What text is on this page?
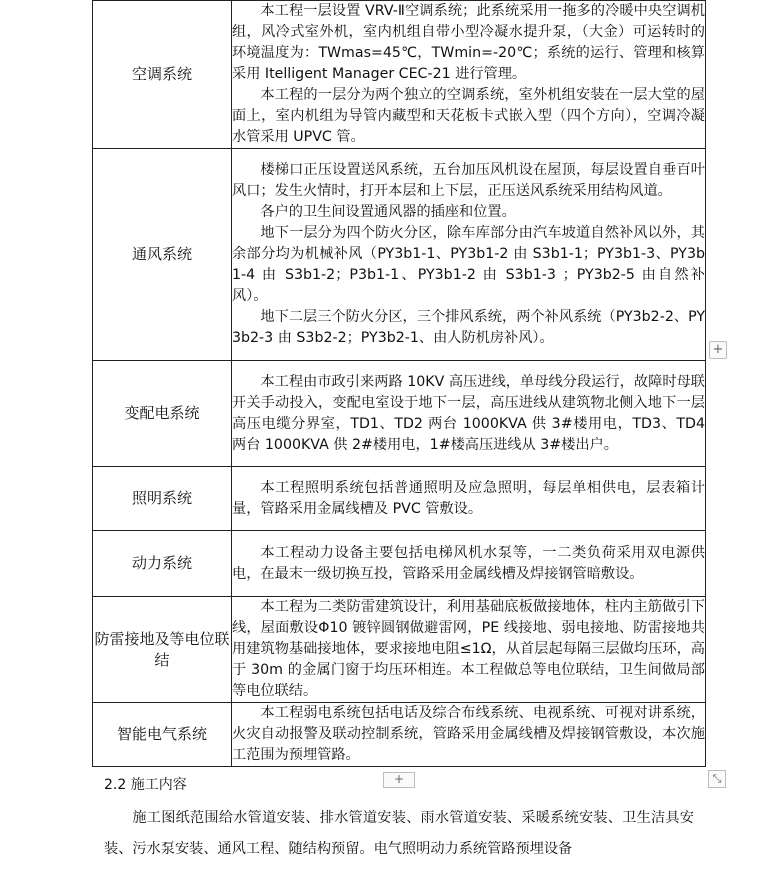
空调系统	本工程一层设置 VRV-Ⅱ空调系统；此系统采用一拖多的冷暖中央空调机组，风冷式室外机，室内机组自带小型冷凝水提升泵，（大金）可运转时的环境温度为：TWmas=45℃，TWmin=-20℃；系统的运行、管理和核算采用 Itelligent Manager CEC-21 进行管理。

本工程的一层分为两个独立的空调系统，室外机组安装在一层大堂的屋面上，室内机组为导管内藏型和天花板卡式嵌入型（四个方向），空调冷凝水管采用 UPVC 管。

通风系统	楼梯口正压设置送风系统，五台加压风机设在屋顶，每层设置自垂百叶风口；发生火情时，打开本层和上下层，正压送风系统采用结构风道。

各户的卫生间设置通风器的插座和位置。

地下一层分为四个防火分区，除车库部分由汽车坡道自然补风以外，其余部分均为机械补风（PY3b1-1、PY3b1-2 由 S3b1-1；PY3b1-3、PY3b1-4 由 S3b1-2；P3b1-1、PY3b1-2 由 S3b1-3 ；PY3b2-5 由自然补风）。

地下二层三个防火分区，三个排风系统，两个补风系统（PY3b2-2、PY3b2-3 由 S3b2-2；PY3b2-1、由人防机房补风）。

变配电系统	本工程由市政引来两路 10KV 高压进线，单母线分段运行，故障时母联开关手动投入，变配电室设于地下一层，高压进线从建筑物北侧入地下一层高压电缆分界室，TD1、TD2 两台 1000KVA 供 3#楼用电，TD3、TD4 两台 1000KVA 供 2#楼用电，1#楼高压进线从 3#楼出户。

照明系统	本工程照明系统包括普通照明及应急照明，每层单相供电，层表箱计量，管路采用金属线槽及 PVC 管敷设。

动力系统	本工程动力设备主要包括电梯风机水泵等，一二类负荷采用双电源供电，在最末一级切换互投，管路采用金属线槽及焊接钢管暗敷设。

防雷接地及等电位联结	本工程为二类防雷建筑设计，利用基础底板做接地体，柱内主筋做引下线，屋面敷设Φ10 镀锌圆钢做避雷网，PE 线接地、弱电接地、防雷接地共用建筑物基础接地体，要求接地电阻≤1Ω，从首层起每隔三层做均压环，高于 30m 的金属门窗于均压环相连。本工程做总等电位联结，卫生间做局部等电位联结。

智能电气系统	本工程弱电系统包括电话及综合布线系统、电视系统、可视对讲系统，火灾自动报警及联动控制系统，管路采用金属线槽及焊接钢管敷设，本次施工范围为预埋管路。

+
+	⤡
2.2 施工内容
施工图纸范围给水管道安装、排水管道安装、雨水管道安装、采暖系统安装、卫生洁具安装、污水泵安装、通风工程、随结构预留。电气照明动力系统管路预埋设备
